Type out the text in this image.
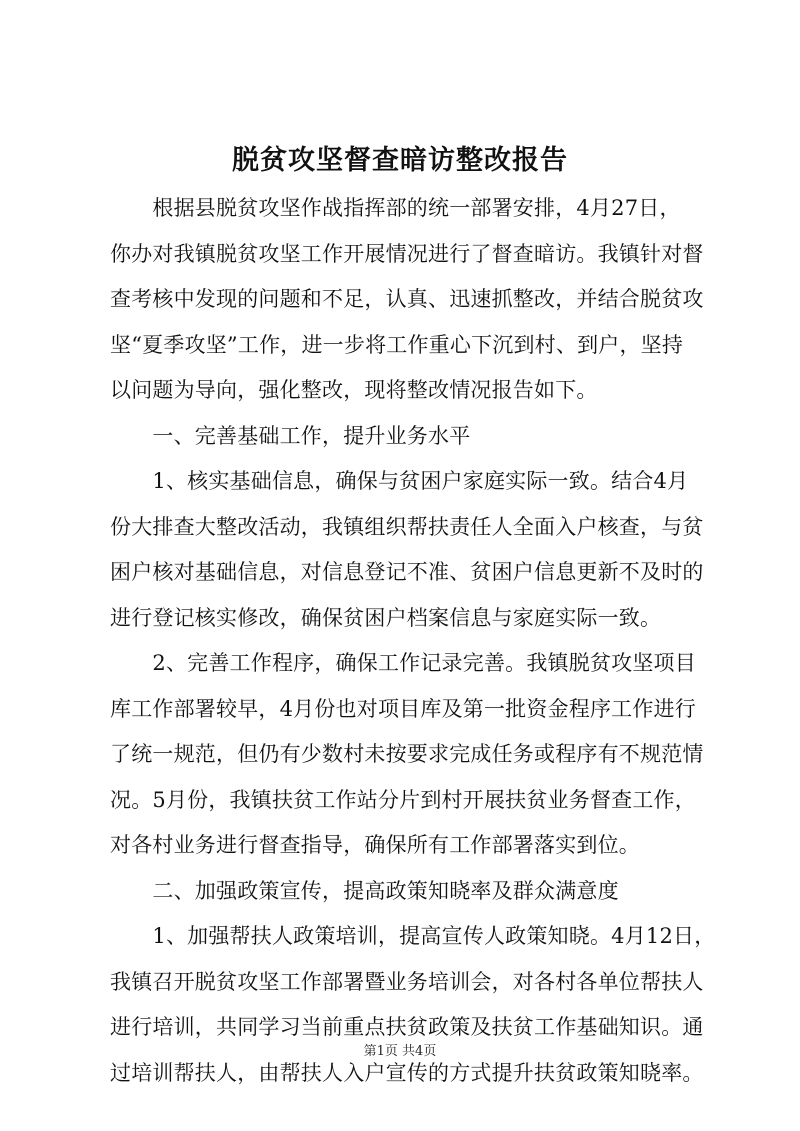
脱贫攻坚督查暗访整改报告
　　根据县脱贫攻坚作战指挥部的统一部署安排，4月27日，
你办对我镇脱贫攻坚工作开展情况进行了督查暗访。我镇针对督
查考核中发现的问题和不足，认真、迅速抓整改，并结合脱贫攻
坚“夏季攻坚”工作，进一步将工作重心下沉到村、到户，坚持
以问题为导向，强化整改，现将整改情况报告如下。
　　一、完善基础工作，提升业务水平
　　1、核实基础信息，确保与贫困户家庭实际一致。结合4月
份大排查大整改活动，我镇组织帮扶责任人全面入户核查，与贫
困户核对基础信息，对信息登记不准、贫困户信息更新不及时的
进行登记核实修改，确保贫困户档案信息与家庭实际一致。
　　2、完善工作程序，确保工作记录完善。我镇脱贫攻坚项目
库工作部署较早，4月份也对项目库及第一批资金程序工作进行
了统一规范，但仍有少数村未按要求完成任务或程序有不规范情
况。5月份，我镇扶贫工作站分片到村开展扶贫业务督查工作，
对各村业务进行督查指导，确保所有工作部署落实到位。
　　二、加强政策宣传，提高政策知晓率及群众满意度
　　1、加强帮扶人政策培训，提高宣传人政策知晓。4月12日，
我镇召开脱贫攻坚工作部署暨业务培训会，对各村各单位帮扶人
进行培训，共同学习当前重点扶贫政策及扶贫工作基础知识。通
过培训帮扶人，由帮扶人入户宣传的方式提升扶贫政策知晓率。
第1页 共4页
